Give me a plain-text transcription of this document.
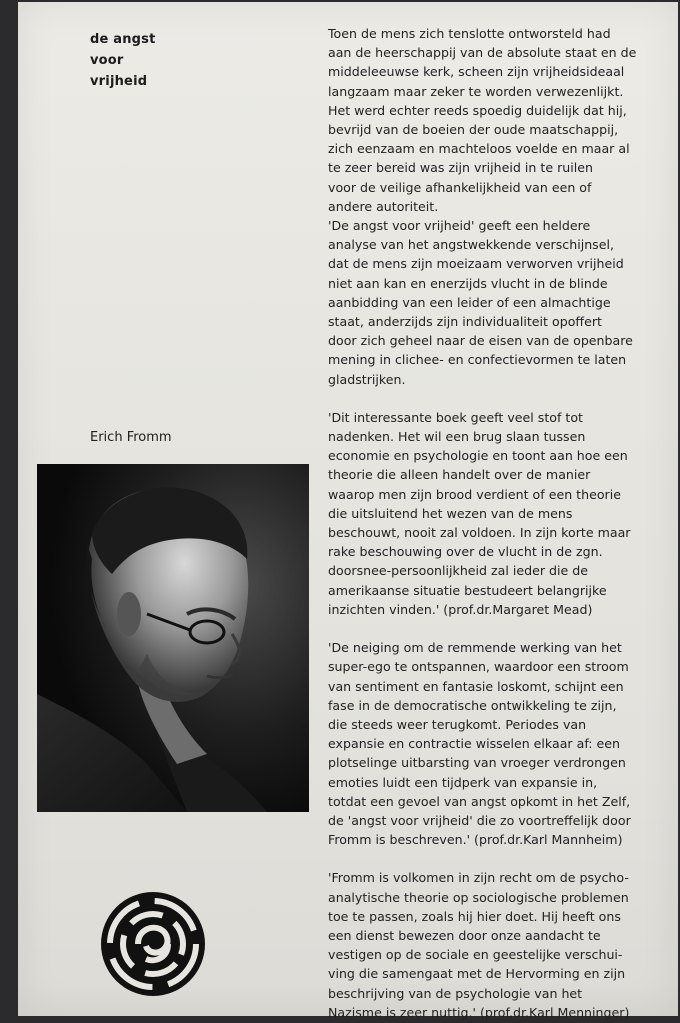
de angst
voor
vrijheid
Erich Fromm

Toen de mens zich tenslotte ontworsteld had
aan de heerschappij van de absolute staat en de
middeleeuwse kerk, scheen zijn vrijheidsideaal
langzaam maar zeker te worden verwezenlijkt.
Het werd echter reeds spoedig duidelijk dat hij,
bevrijd van de boeien der oude maatschappij,
zich eenzaam en machteloos voelde en maar al
te zeer bereid was zijn vrijheid in te ruilen
voor de veilige afhankelijkheid van een of
andere autoriteit.

'De angst voor vrijheid' geeft een heldere
analyse van het angstwekkende verschijnsel,
dat de mens zijn moeizaam verworven vrijheid
niet aan kan en enerzijds vlucht in de blinde
aanbidding van een leider of een almachtige
staat, anderzijds zijn individualiteit opoffert
door zich geheel naar de eisen van de openbare
mening in clichee- en confectievormen te laten
gladstrijken.

'Dit interessante boek geeft veel stof tot
nadenken. Het wil een brug slaan tussen
economie en psychologie en toont aan hoe een
theorie die alleen handelt over de manier
waarop men zijn brood verdient of een theorie
die uitsluitend het wezen van de mens
beschouwt, nooit zal voldoen. In zijn korte maar
rake beschouwing over de vlucht in de zgn.
doorsnee-persoonlijkheid zal ieder die de
amerikaanse situatie bestudeert belangrijke
inzichten vinden.' (prof.dr.Margaret Mead)

'De neiging om de remmende werking van het
super-ego te ontspannen, waardoor een stroom
van sentiment en fantasie loskomt, schijnt een
fase in de democratische ontwikkeling te zijn,
die steeds weer terugkomt. Periodes van
expansie en contractie wisselen elkaar af: een
plotselinge uitbarsting van vroeger verdrongen
emoties luidt een tijdperk van expansie in,
totdat een gevoel van angst opkomt in het Zelf,
de 'angst voor vrijheid' die zo voortreffelijk door
Fromm is beschreven.' (prof.dr.Karl Mannheim)

'Fromm is volkomen in zijn recht om de psycho-
analytische theorie op sociologische problemen
toe te passen, zoals hij hier doet. Hij heeft ons
een dienst bewezen door onze aandacht te
vestigen op de sociale en geestelijke verschui-
ving die samengaat met de Hervorming en zijn
beschrijving van de psychologie van het
Nazisme is zeer nuttig.' (prof.dr.Karl Menninger)
